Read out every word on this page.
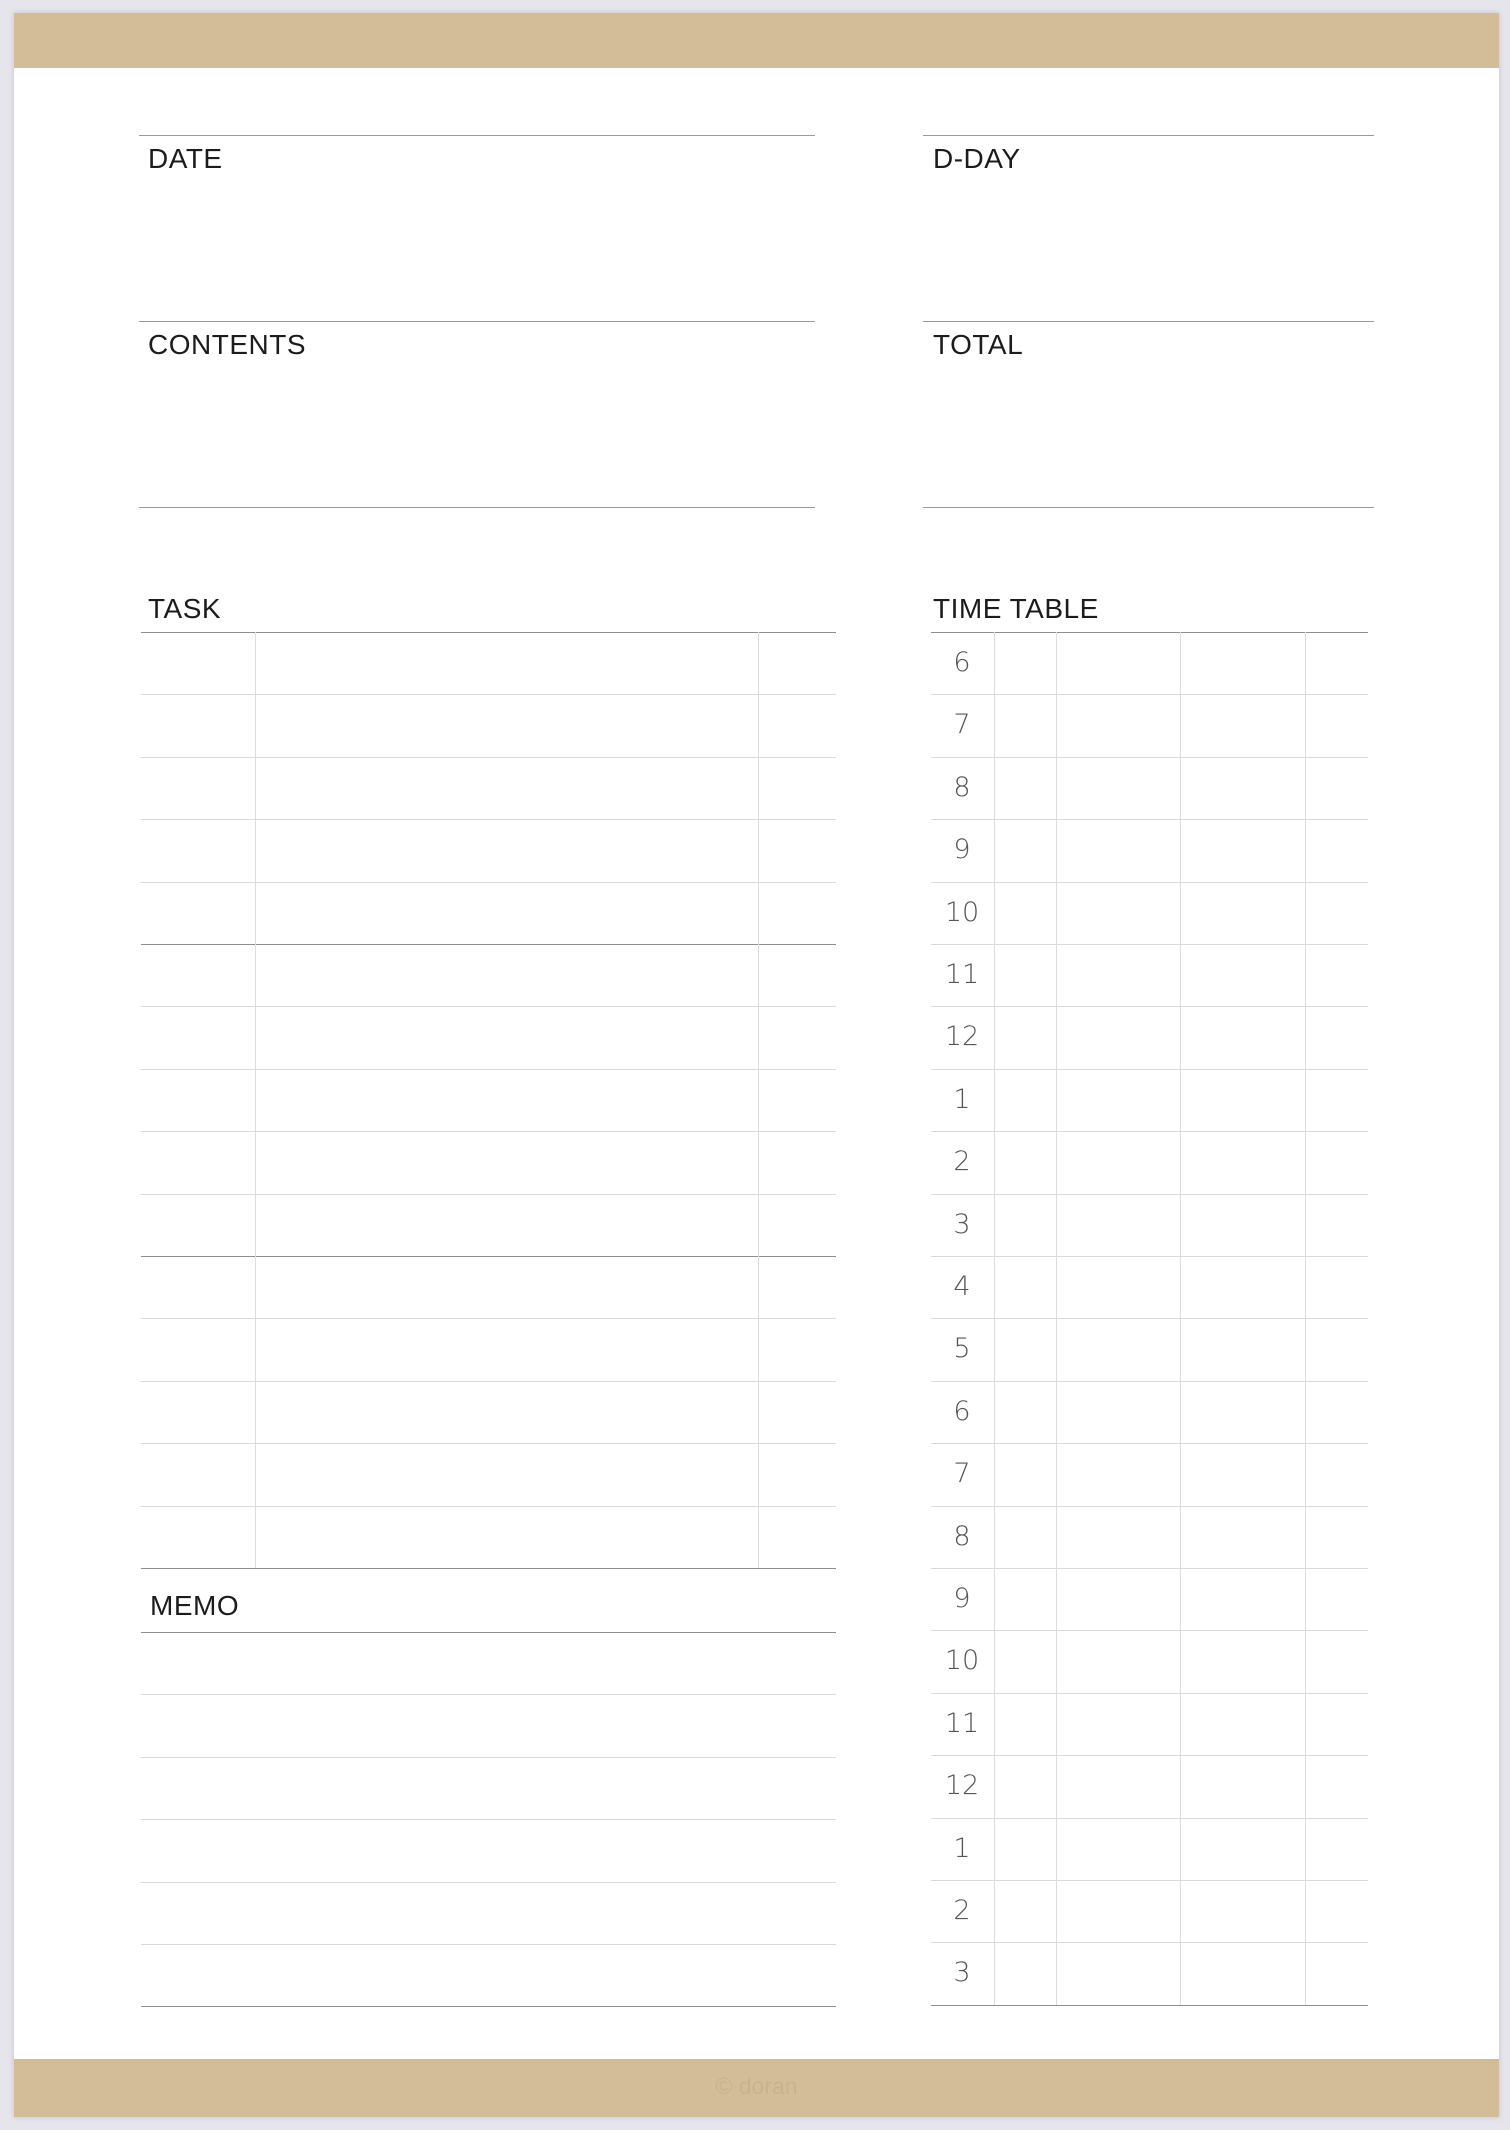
© doran
DATE	D-DAY
CONTENTS	TOTAL
TASK	TIME TABLE
MEMO
6
7
8
9
10
11
12
1
2
3
4
5
6
7
8
9
10
11
12
1
2
3
